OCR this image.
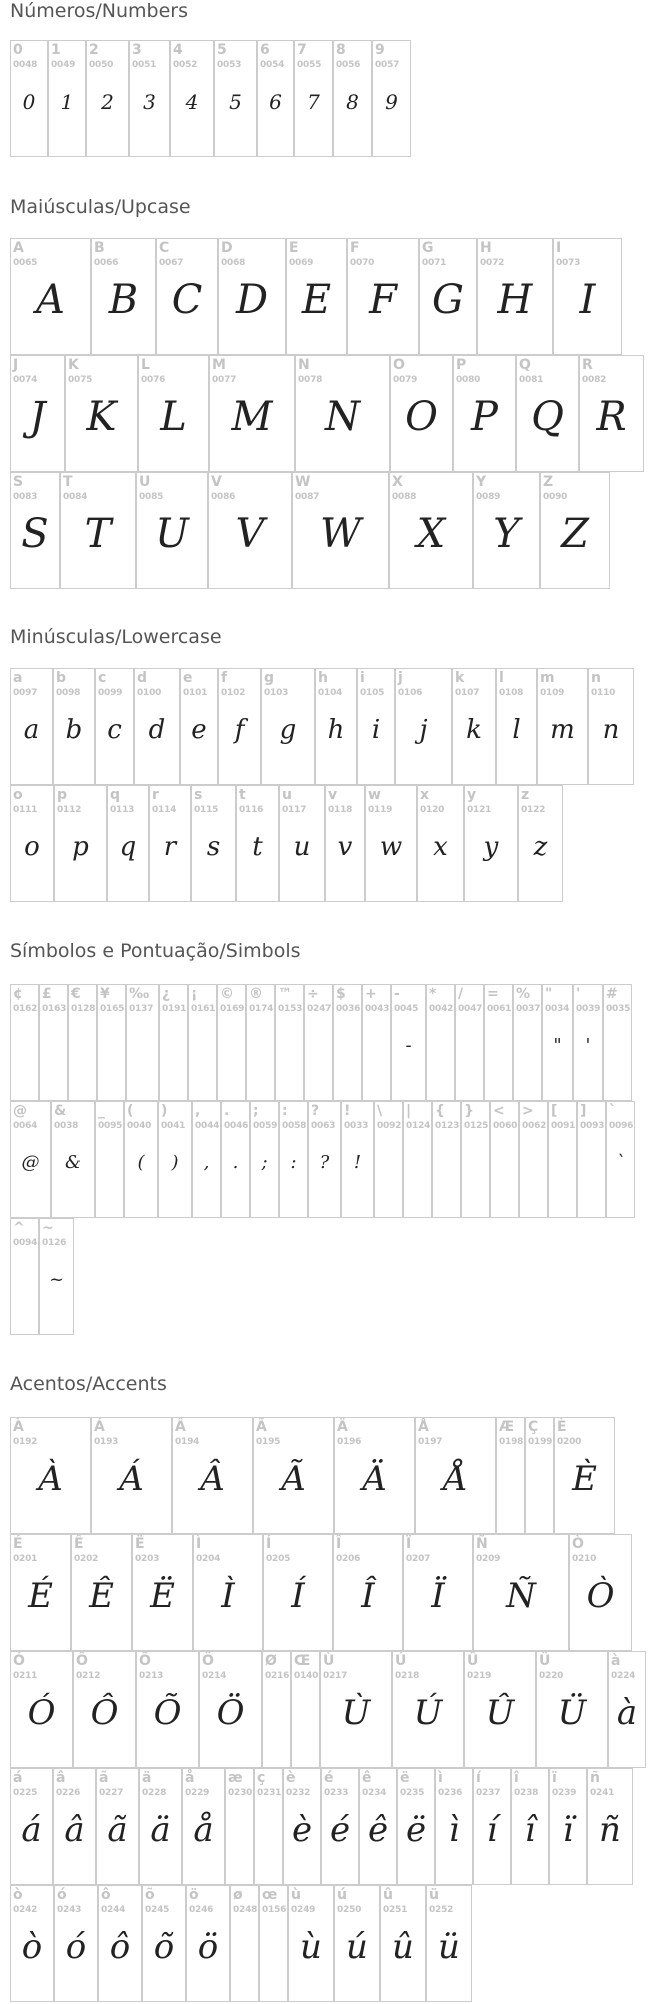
Números/Numbers
0
0048
0
1
0049
1
2
0050
2
3
0051
3
4
0052
4
5
0053
5
6
0054
6
7
0055
7
8
0056
8
9
0057
9
Maiúsculas/Upcase
A
0065
A
B
0066
B
C
0067
C
D
0068
D
E
0069
E
F
0070
F
G
0071
G
H
0072
H
I
0073
I
J
0074
J
K
0075
K
L
0076
L
M
0077
M
N
0078
N
O
0079
O
P
0080
P
Q
0081
Q
R
0082
R
S
0083
S
T
0084
T
U
0085
U
V
0086
V
W
0087
W
X
0088
X
Y
0089
Y
Z
0090
Z
Minúsculas/Lowercase
a
0097
a
b
0098
b
c
0099
c
d
0100
d
e
0101
e
f
0102
f
g
0103
g
h
0104
h
i
0105
i
j
0106
j
k
0107
k
l
0108
l
m
0109
m
n
0110
n
o
0111
o
p
0112
p
q
0113
q
r
0114
r
s
0115
s
t
0116
t
u
0117
u
v
0118
v
w
0119
w
x
0120
x
y
0121
y
z
0122
z
Símbolos e Pontuação/Simbols
¢
0162
£
0163
€
0128
¥
0165
‰
0137
¿
0191
¡
0161
©
0169
®
0174
™
0153
÷
0247
$
0036
+
0043
-
0045
-
*
0042
/
0047
=
0061
%
0037
"
0034
"
'
0039
'
#
0035
@
0064
@
&
0038
&
_
0095
(
0040
(
)
0041
)
,
0044
,
.
0046
.
;
0059
;
:
0058
:
?
0063
?
!
0033
!
\
0092
|
0124
{
0123
}
0125
<
0060
>
0062
[
0091
]
0093
`
0096
`
^
0094
~
0126
~
Acentos/Accents
À
0192
À
Á
0193
Á
Â
0194
Â
Ã
0195
Ã
Ä
0196
Ä
Å
0197
Å
Æ
0198
Ç
0199
È
0200
È
É
0201
É
Ê
0202
Ê
Ë
0203
Ë
Ì
0204
Ì
Í
0205
Í
Î
0206
Î
Ï
0207
Ï
Ñ
0209
Ñ
Ò
0210
Ò
Ó
0211
Ó
Ô
0212
Ô
Õ
0213
Õ
Ö
0214
Ö
Ø
0216
Œ
0140
Ù
0217
Ù
Ú
0218
Ú
Û
0219
Û
Ü
0220
Ü
à
0224
à
á
0225
á
â
0226
â
ã
0227
ã
ä
0228
ä
å
0229
å
æ
0230
ç
0231
è
0232
è
é
0233
é
ê
0234
ê
ë
0235
ë
ì
0236
ì
í
0237
í
î
0238
î
ï
0239
ï
ñ
0241
ñ
ò
0242
ò
ó
0243
ó
ô
0244
ô
õ
0245
õ
ö
0246
ö
ø
0248
œ
0156
ù
0249
ù
ú
0250
ú
û
0251
û
ü
0252
ü
